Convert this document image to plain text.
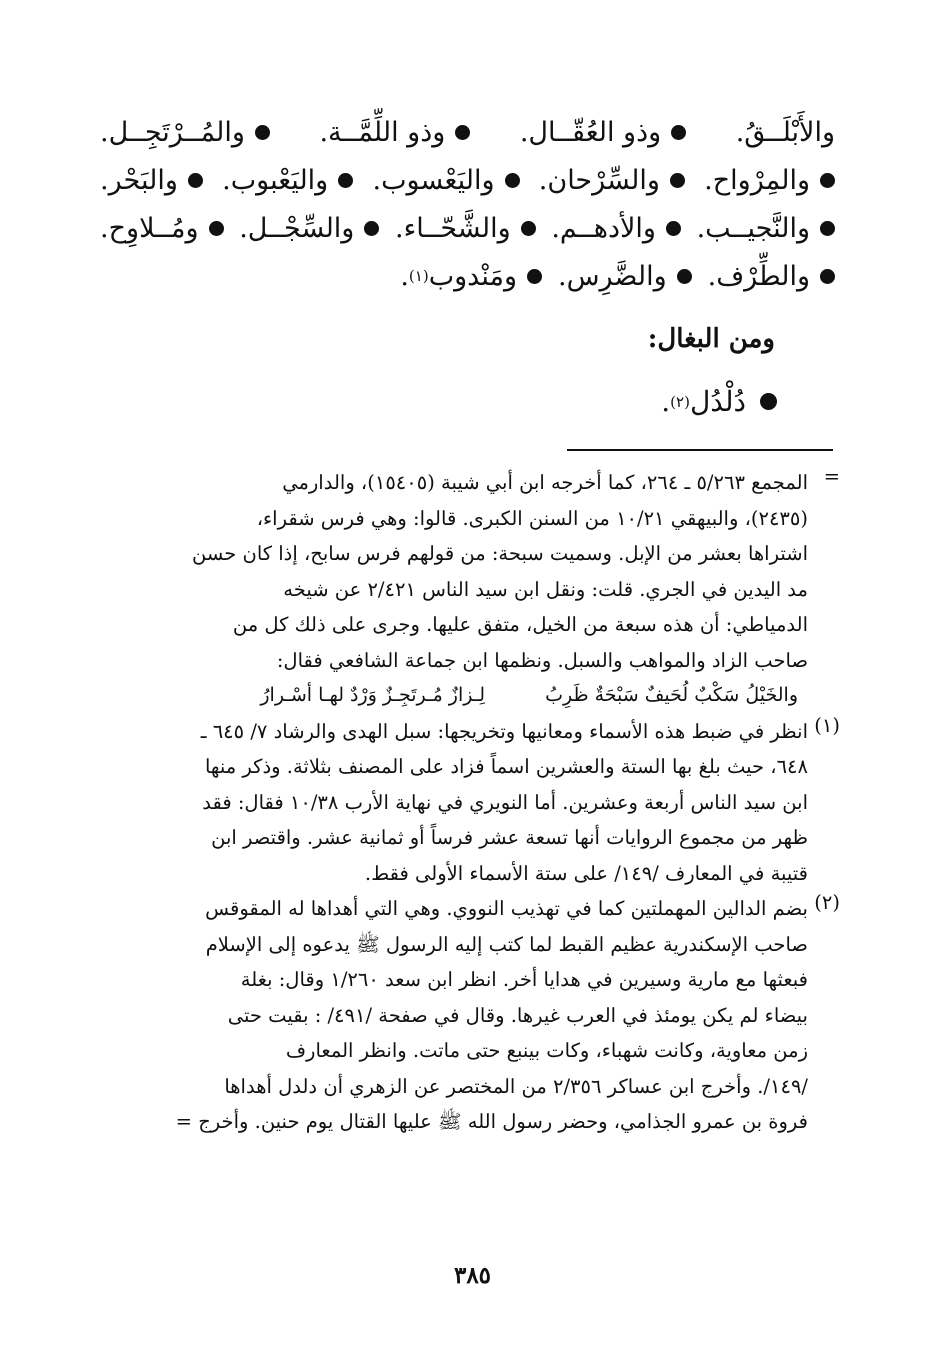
والأَبْلَــقُ.
وذو العُقّــال.
وذو اللِّمَّــة.
والمُــرْتَجِــل.
والمِرْواح.
والسِّرْحان.
واليَعْسوب.
واليَعْبوب.
والبَحْر.
والنَّجيــب.
والأدهــم.
والشَّحّــاء.
والسِّجْــل.
ومُــلاوِح.
والطِّرْف.
والضَّرِس.
ومَنْدوب
(١)
.
ومن البغال:
دُلْدُل
(٢)
.
=
المجمع ٥/٢٦٣ ـ ٢٦٤، كما أخرجه ابن أبي شيبة (١٥٤٠٥)، والدارمي
(٢٤٣٥)، والبيهقي ١٠/٢١ من السنن الكبرى. قالوا: وهي فرس شقراء،
اشتراها بعشر من الإبل. وسميت سبحة: من قولهم فرس سابح، إذا كان حسن
مد اليدين في الجري. قلت: ونقل ابن سيد الناس ٢/٤٢١ عن شيخه
الدمياطي: أن هذه سبعة من الخيل، متفق عليها. وجرى على ذلك كل من
صاحب الزاد والمواهب والسبل. ونظمها ابن جماعة الشافعي فقال:
والخَيْلُ سَكْبٌ لُحَيفٌ سَبْحَةٌ ظَرِبُ
لِـزازٌ مُـرتَجِـزٌ وَرْدٌ لهـا أسْـرارُ
(١)
انظر في ضبط هذه الأسماء ومعانيها وتخريجها: سبل الهدى والرشاد ٧/ ٦٤٥ ـ
٦٤٨، حيث بلغ بها الستة والعشرين اسماً فزاد على المصنف بثلاثة. وذكر منها
ابن سيد الناس أربعة وعشرين. أما النويري في نهاية الأرب ١٠/٣٨ فقال: فقد
ظهر من مجموع الروايات أنها تسعة عشر فرساً أو ثمانية عشر. واقتصر ابن
قتيبة في المعارف /١٤٩/ على ستة الأسماء الأولى فقط.
(٢)
بضم الدالين المهملتين كما في تهذيب النووي. وهي التي أهداها له المقوقس
صاحب الإسكندرية عظيم القبط لما كتب إليه الرسول ﷺ يدعوه إلى الإسلام
فبعثها مع مارية وسيرين في هدايا أخر. انظر ابن سعد ١/٢٦٠ وقال: بغلة
بيضاء لم يكن يومئذ في العرب غيرها. وقال في صفحة /٤٩١/ : بقيت حتى
زمن معاوية، وكانت شهباء، وكات بينبع حتى ماتت. وانظر المعارف
/١٤٩/. وأخرج ابن عساكر ٢/٣٥٦ من المختصر عن الزهري أن دلدل أهداها
فروة بن عمرو الجذامي، وحضر رسول الله ﷺ عليها القتال يوم حنين. وأخرج =
٣٨٥
